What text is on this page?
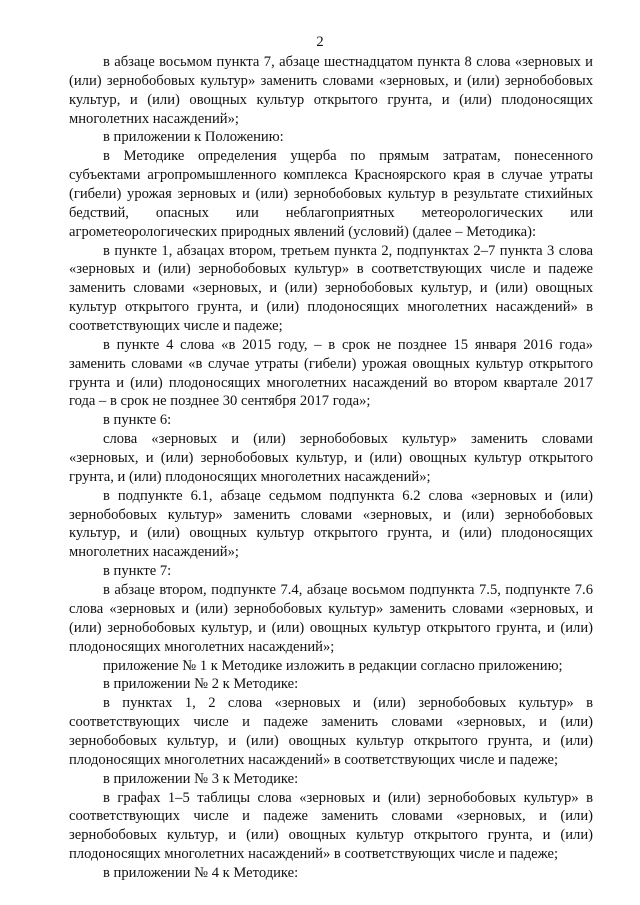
2

в абзаце восьмом пункта 7, абзаце шестнадцатом пункта 8 слова «зерновых и (или) зернобобовых культур» заменить словами «зерновых, и (или) зернобобовых культур, и (или) овощных культур открытого грунта, и (или) плодоносящих многолетних насаждений»;

в приложении к Положению:

в Методике определения ущерба по прямым затратам, понесенного субъектами агропромышленного комплекса Красноярского края в случае утраты (гибели) урожая зерновых и (или) зернобобовых культур в результате стихийных бедствий, опасных или неблагоприятных метеорологических или агрометеорологических природных явлений (условий) (далее – Методика):

в пункте 1, абзацах втором, третьем пункта 2, подпунктах 2–7 пункта 3 слова «зерновых и (или) зернобобовых культур» в соответствующих числе и падеже заменить словами «зерновых, и (или) зернобобовых культур, и (или) овощных культур открытого грунта, и (или) плодоносящих многолетних насаждений» в соответствующих числе и падеже;

в пункте 4 слова «в 2015 году, – в срок не позднее 15 января 2016 года» заменить словами «в случае утраты (гибели) урожая овощных культур открытого грунта и (или) плодоносящих многолетних насаждений во втором квартале 2017 года – в срок не позднее 30 сентября 2017 года»;

в пункте 6:

слова «зерновых и (или) зернобобовых культур» заменить словами «зерновых, и (или) зернобобовых культур, и (или) овощных культур открытого грунта, и (или) плодоносящих многолетних насаждений»;

в подпункте 6.1, абзаце седьмом подпункта 6.2 слова «зерновых и (или) зернобобовых культур» заменить словами «зерновых, и (или) зернобобовых культур, и (или) овощных культур открытого грунта, и (или) плодоносящих многолетних насаждений»;

в пункте 7:

в абзаце втором, подпункте 7.4, абзаце восьмом подпункта 7.5, подпункте 7.6 слова «зерновых и (или) зернобобовых культур» заменить словами «зерновых, и (или) зернобобовых культур, и (или) овощных культур открытого грунта, и (или) плодоносящих многолетних насаждений»;

приложение № 1 к Методике изложить в редакции согласно приложению;

в приложении № 2 к Методике:

в пунктах 1, 2 слова «зерновых и (или) зернобобовых культур» в соответствующих числе и падеже заменить словами «зерновых, и (или) зернобобовых культур, и (или) овощных культур открытого грунта, и (или) плодоносящих многолетних насаждений» в соответствующих числе и падеже;

в приложении № 3 к Методике:

в графах 1–5 таблицы слова «зерновых и (или) зернобобовых культур» в соответствующих числе и падеже заменить словами «зерновых, и (или) зернобобовых культур, и (или) овощных культур открытого грунта, и (или) плодоносящих многолетних насаждений» в соответствующих числе и падеже;

в приложении № 4 к Методике:
